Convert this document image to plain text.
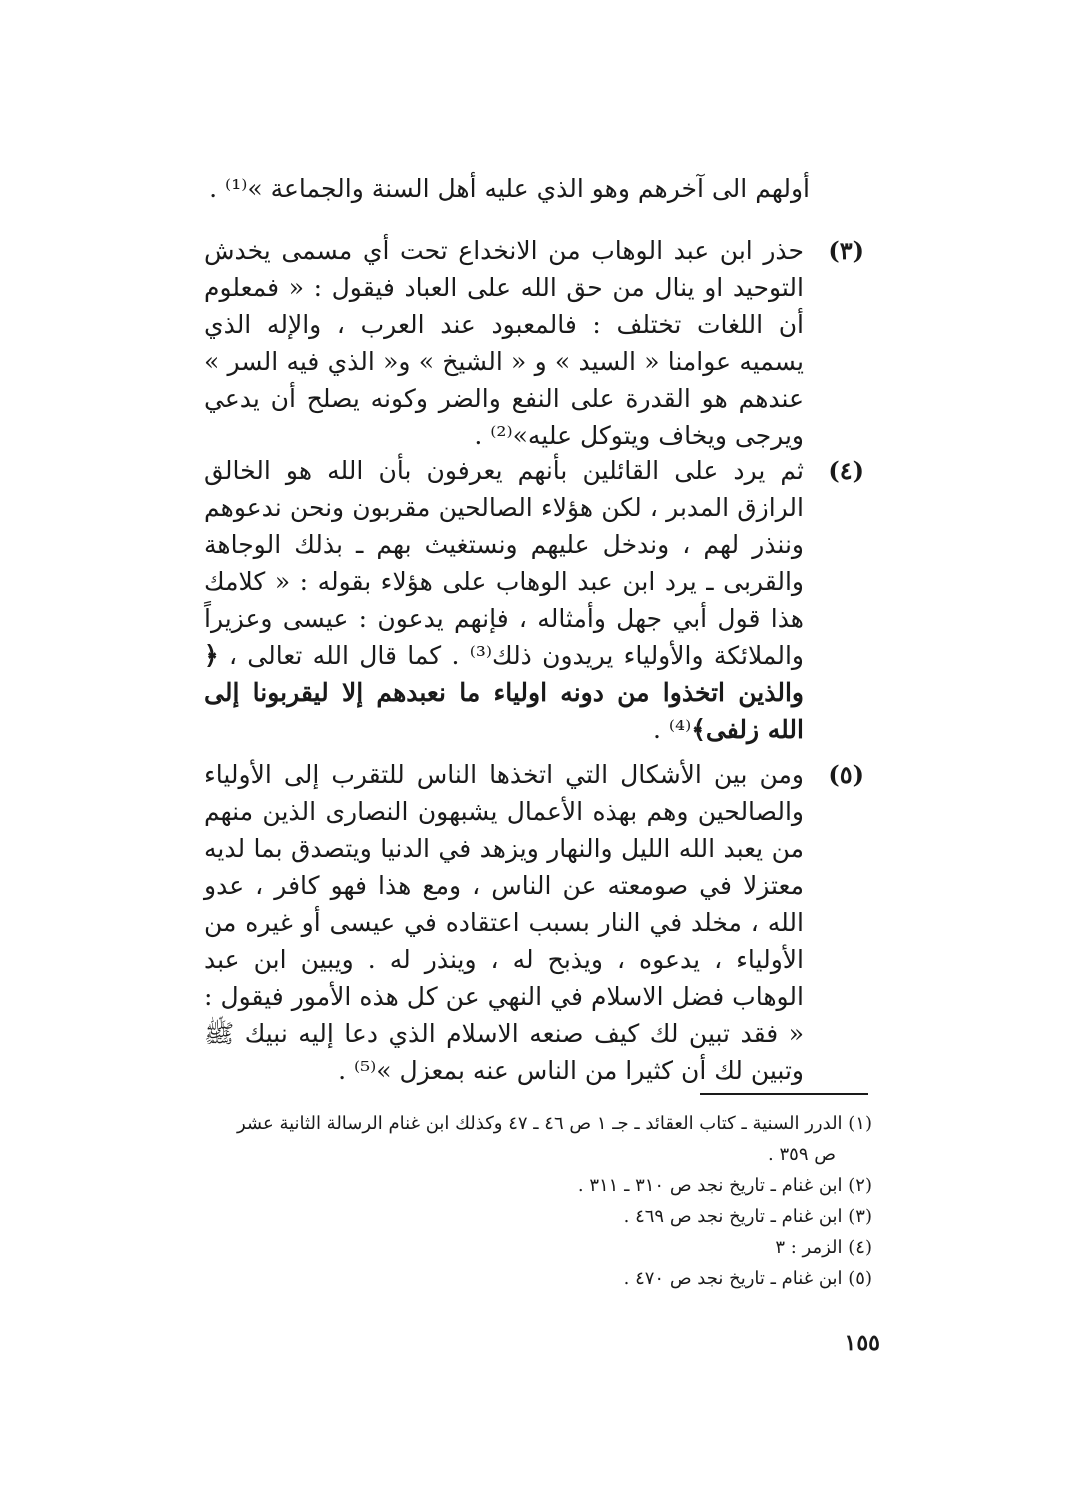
أولهم الى آخرهم وهو الذي عليه أهل السنة والجماعة »⁽¹⁾ .
(٣)
حذر ابن عبد الوهاب من الانخداع تحت أي مسمى يخدش التوحيد او ينال من حق الله على العباد فيقول : « فمعلوم أن اللغات تختلف : فالمعبود عند العرب ، والإله الذي يسميه عوامنا « السيد » و « الشيخ » و« الذي فيه السر » عندهم هو القدرة على النفع والضر وكونه يصلح أن يدعي ويرجى ويخاف ويتوكل عليه»⁽²⁾ .
(٤)
ثم يرد على القائلين بأنهم يعرفون بأن الله هو الخالق الرازق المدبر ، لكن هؤلاء الصالحين مقربون ونحن ندعوهم وننذر لهم ، وندخل عليهم ونستغيث بهم ـ بذلك الوجاهة والقربى ـ يرد ابن عبد الوهاب على هؤلاء بقوله : « كلامك هذا قول أبي جهل وأمثاله ، فإنهم يدعون : عيسى وعزيراً والملائكة والأولياء يريدون ذلك⁽³⁾ . كما قال الله تعالى ، ﴿ والذين اتخذوا من دونه اولياء ما نعبدهم إلا ليقربونا إلى الله زلفى﴾⁽⁴⁾ .
(٥)
ومن بين الأشكال التي اتخذها الناس للتقرب إلى الأولياء والصالحين وهم بهذه الأعمال يشبهون النصارى الذين منهم من يعبد الله الليل والنهار ويزهد في الدنيا ويتصدق بما لديه معتزلا في صومعته عن الناس ، ومع هذا فهو كافر ، عدو الله ، مخلد في النار بسبب اعتقاده في عيسى أو غيره من الأولياء ، يدعوه ، ويذبح له ، وينذر له . ويبين ابن عبد الوهاب فضل الاسلام في النهي عن كل هذه الأمور فيقول : « فقد تبين لك كيف صنعه الاسلام الذي دعا إليه نبيك ﷺ وتبين لك أن كثيرا من الناس عنه بمعزل »⁽⁵⁾ .
(١) الدرر السنية ـ كتاب العقائد ـ جـ ١ ص ٤٦ ـ ٤٧ وكذلك ابن غنام الرسالة الثانية عشر
ص ٣٥٩ .
(٢) ابن غنام ـ تاريخ نجد ص ٣١٠ ـ ٣١١ .
(٣) ابن غنام ـ تاريخ نجد ص ٤٦٩ .
(٤) الزمر : ٣
(٥) ابن غنام ـ تاريخ نجد ص ٤٧٠ .
١٥٥
